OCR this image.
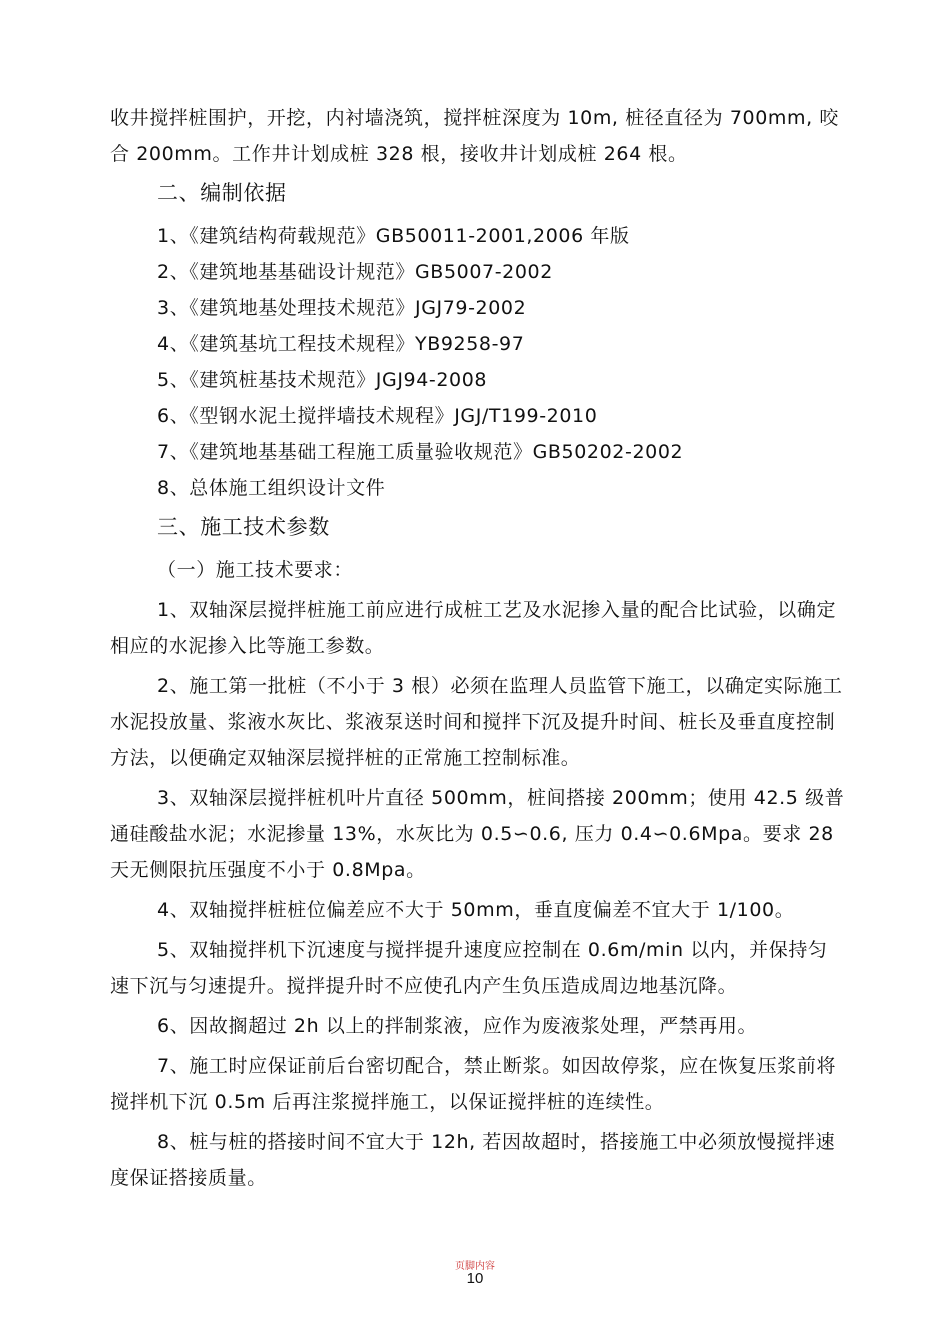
收井搅拌桩围护，开挖，内衬墙浇筑，搅拌桩深度为 10m, 桩径直径为 700mm, 咬合 200mm。工作井计划成桩 328 根，接收井计划成桩 264 根。

二、编制依据
1、《建筑结构荷载规范》GB50011-2001,2006 年版
2、《建筑地基基础设计规范》GB5007-2002
3、《建筑地基处理技术规范》JGJ79-2002
4、《建筑基坑工程技术规程》YB9258-97
5、《建筑桩基技术规范》JGJ94-2008
6、《型钢水泥土搅拌墙技术规程》JGJ/T199-2010
7、《建筑地基基础工程施工质量验收规范》GB50202-2002
8、总体施工组织设计文件
三、施工技术参数
（一）施工技术要求：

1、双轴深层搅拌桩施工前应进行成桩工艺及水泥掺入量的配合比试验，以确定相应的水泥掺入比等施工参数。

2、施工第一批桩（不小于 3 根）必须在监理人员监管下施工，以确定实际施工水泥投放量、浆液水灰比、浆液泵送时间和搅拌下沉及提升时间、桩长及垂直度控制方法，以便确定双轴深层搅拌桩的正常施工控制标准。

3、双轴深层搅拌桩机叶片直径 500mm，桩间搭接 200mm；使用 42.5 级普通硅酸盐水泥；水泥掺量 13%，水灰比为 0.5∽0.6, 压力 0.4∽0.6Mpa。要求 28 天无侧限抗压强度不小于 0.8Mpa。

4、双轴搅拌桩桩位偏差应不大于 50mm，垂直度偏差不宜大于 1/100。

5、双轴搅拌机下沉速度与搅拌提升速度应控制在 0.6m/min 以内，并保持匀速下沉与匀速提升。搅拌提升时不应使孔内产生负压造成周边地基沉降。

6、因故搁超过 2h 以上的拌制浆液，应作为废液浆处理，严禁再用。

7、施工时应保证前后台密切配合，禁止断浆。如因故停浆，应在恢复压浆前将搅拌机下沉 0.5m 后再注浆搅拌施工，以保证搅拌桩的连续性。

8、桩与桩的搭接时间不宜大于 12h, 若因故超时，搭接施工中必须放慢搅拌速度保证搭接质量。

页脚内容
10
